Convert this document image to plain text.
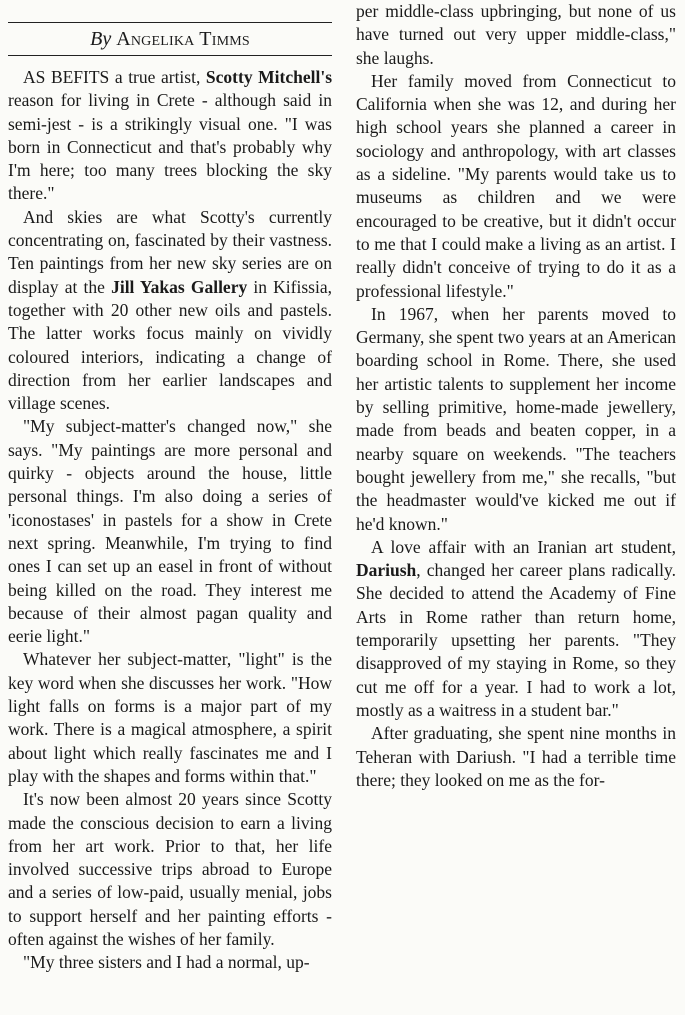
By Angelika Timms

AS BEFITS a true artist, Scotty Mitchell's reason for living in Crete - although said in semi-jest - is a strikingly visual one. "I was born in Connecticut and that's probably why I'm here; too many trees blocking the sky there."

And skies are what Scotty's currently concentrating on, fascinated by their vastness. Ten paintings from her new sky series are on display at the Jill Yakas Gallery in Kifissia, together with 20 other new oils and pastels. The latter works focus mainly on vividly coloured interiors, indicating a change of direction from her earlier landscapes and village scenes.

"My subject-matter's changed now," she says. "My paintings are more personal and quirky - objects around the house, little personal things. I'm also doing a series of 'iconostases' in pastels for a show in Crete next spring. Meanwhile, I'm trying to find ones I can set up an easel in front of without being killed on the road. They interest me because of their almost pagan quality and eerie light."

Whatever her subject-matter, "light" is the key word when she discusses her work. "How light falls on forms is a major part of my work. There is a magical atmosphere, a spirit about light which really fascinates me and I play with the shapes and forms within that."

It's now been almost 20 years since Scotty made the conscious decision to earn a living from her art work. Prior to that, her life involved successive trips abroad to Europe and a series of low-paid, usually menial, jobs to support herself and her painting efforts - often against the wishes of her family.

"My three sisters and I had a normal, up-

per middle-class upbringing, but none of us have turned out very upper middle-class," she laughs.

Her family moved from Connecticut to California when she was 12, and during her high school years she planned a career in sociology and anthropology, with art classes as a sideline. "My parents would take us to museums as children and we were encouraged to be creative, but it didn't occur to me that I could make a living as an artist. I really didn't conceive of trying to do it as a professional lifestyle."

In 1967, when her parents moved to Germany, she spent two years at an American boarding school in Rome. There, she used her artistic talents to supplement her income by selling primitive, home-made jewellery, made from beads and beaten copper, in a nearby square on weekends. "The teachers bought jewellery from me," she recalls, "but the headmaster would've kicked me out if he'd known."

A love affair with an Iranian art student, Dariush, changed her career plans radically. She decided to attend the Academy of Fine Arts in Rome rather than return home, temporarily upsetting her parents. "They disapproved of my staying in Rome, so they cut me off for a year. I had to work a lot, mostly as a waitress in a student bar."

After graduating, she spent nine months in Teheran with Dariush. "I had a terrible time there; they looked on me as the for-
